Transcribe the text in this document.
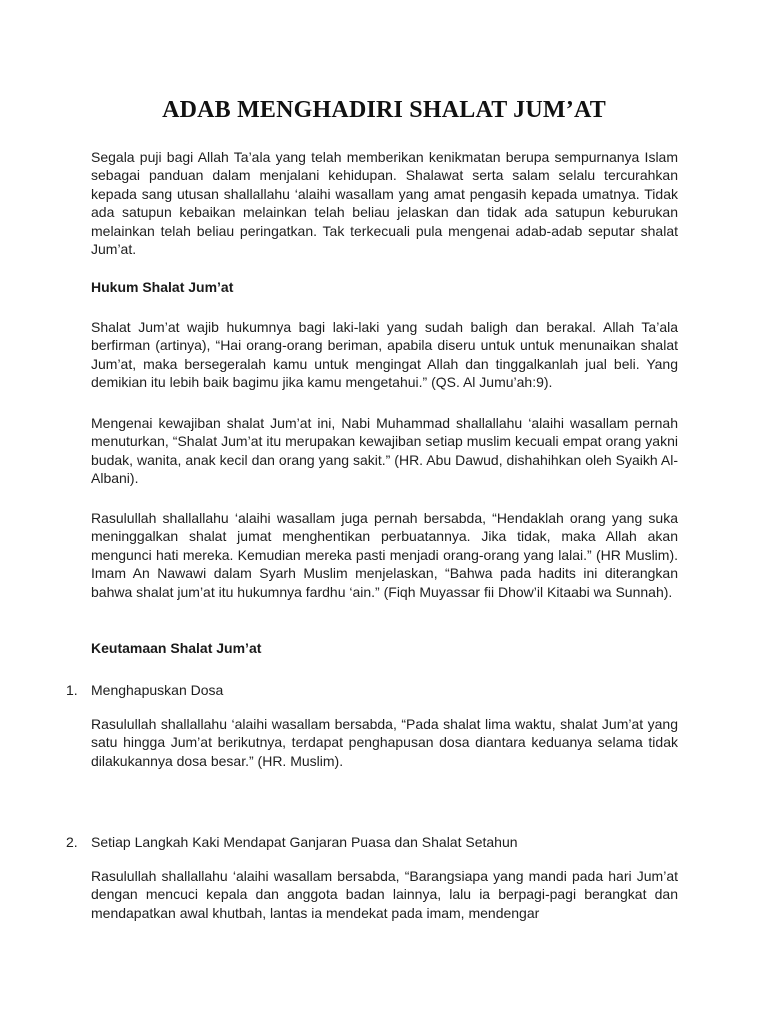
ADAB MENGHADIRI SHALAT JUM’AT

Segala puji bagi Allah Ta’ala yang telah memberikan kenikmatan berupa sempurnanya Islam sebagai panduan dalam menjalani kehidupan. Shalawat serta salam selalu tercurahkan kepada sang utusan shallallahu ‘alaihi wasallam yang amat pengasih kepada umatnya. Tidak ada satupun kebaikan melainkan telah beliau jelaskan dan tidak ada satupun keburukan melainkan telah beliau peringatkan. Tak terkecuali pula mengenai adab-adab seputar shalat Jum’at.

Hukum Shalat Jum’at

Shalat Jum’at wajib hukumnya bagi laki-laki yang sudah baligh dan berakal. Allah Ta’ala berfirman (artinya), “Hai orang-orang beriman, apabila diseru untuk untuk menunaikan shalat Jum’at, maka bersegeralah kamu untuk mengingat Allah dan tinggalkanlah jual beli. Yang demikian itu lebih baik bagimu jika kamu mengetahui.” (QS. Al Jumu’ah:9).

Mengenai kewajiban shalat Jum’at ini, Nabi Muhammad shallallahu ‘alaihi wasallam pernah menuturkan, “Shalat Jum’at itu merupakan kewajiban setiap muslim kecuali empat orang yakni budak, wanita, anak kecil dan orang yang sakit.” (HR. Abu Dawud, dishahihkan oleh Syaikh Al-Albani).

Rasulullah shallallahu ‘alaihi wasallam juga pernah bersabda, “Hendaklah orang yang suka meninggalkan shalat jumat menghentikan perbuatannya. Jika tidak, maka Allah akan mengunci hati mereka. Kemudian mereka pasti menjadi orang-orang yang lalai.” (HR Muslim). Imam An Nawawi dalam Syarh Muslim menjelaskan, “Bahwa pada hadits ini diterangkan bahwa shalat jum’at itu hukumnya fardhu ‘ain.” (Fiqh Muyassar fii Dhow’il Kitaabi wa Sunnah).

Keutamaan Shalat Jum’at

1. Menghapuskan Dosa

Rasulullah shallallahu ‘alaihi wasallam bersabda, “Pada shalat lima waktu, shalat Jum’at yang satu hingga Jum’at berikutnya, terdapat penghapusan dosa diantara keduanya selama tidak dilakukannya dosa besar.” (HR. Muslim).

2. Setiap Langkah Kaki Mendapat Ganjaran Puasa dan Shalat Setahun

Rasulullah shallallahu ‘alaihi wasallam bersabda, “Barangsiapa yang mandi pada hari Jum’at dengan mencuci kepala dan anggota badan lainnya, lalu ia berpagi-pagi berangkat dan mendapatkan awal khutbah, lantas ia mendekat pada imam, mendengar
